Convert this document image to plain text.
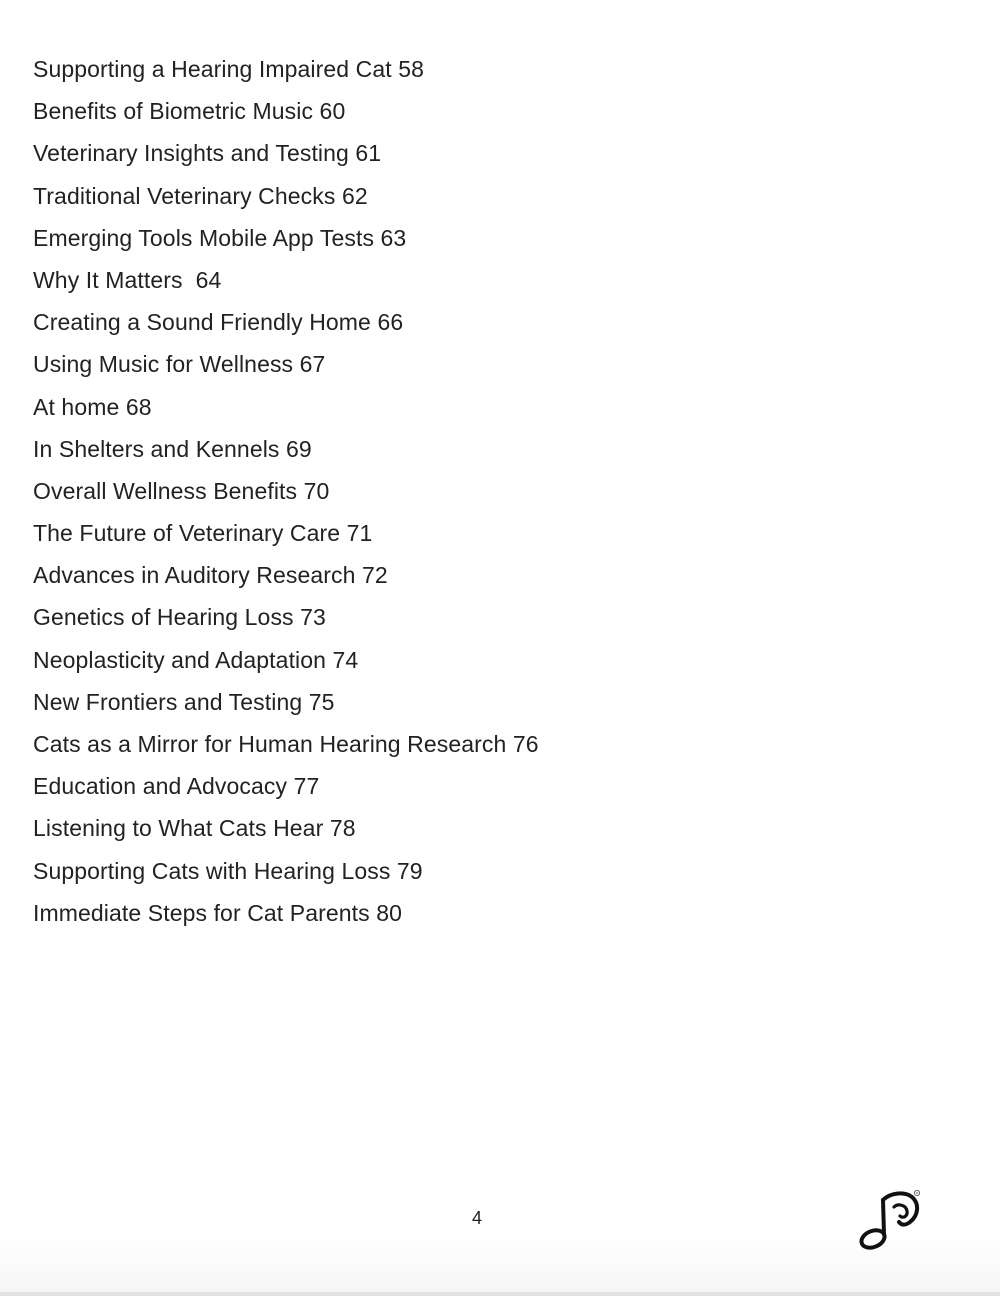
Supporting a Hearing Impaired Cat 58
Benefits of Biometric Music 60
Veterinary Insights and Testing 61
Traditional Veterinary Checks 62
Emerging Tools Mobile App Tests 63
Why It Matters  64
Creating a Sound Friendly Home 66
Using Music for Wellness 67
At home 68
In Shelters and Kennels 69
Overall Wellness Benefits 70
The Future of Veterinary Care 71
Advances in Auditory Research 72
Genetics of Hearing Loss 73
Neoplasticity and Adaptation 74
New Frontiers and Testing 75
Cats as a Mirror for Human Hearing Research 76
Education and Advocacy 77
Listening to What Cats Hear 78
Supporting Cats with Hearing Loss 79
Immediate Steps for Cat Parents 80
4
